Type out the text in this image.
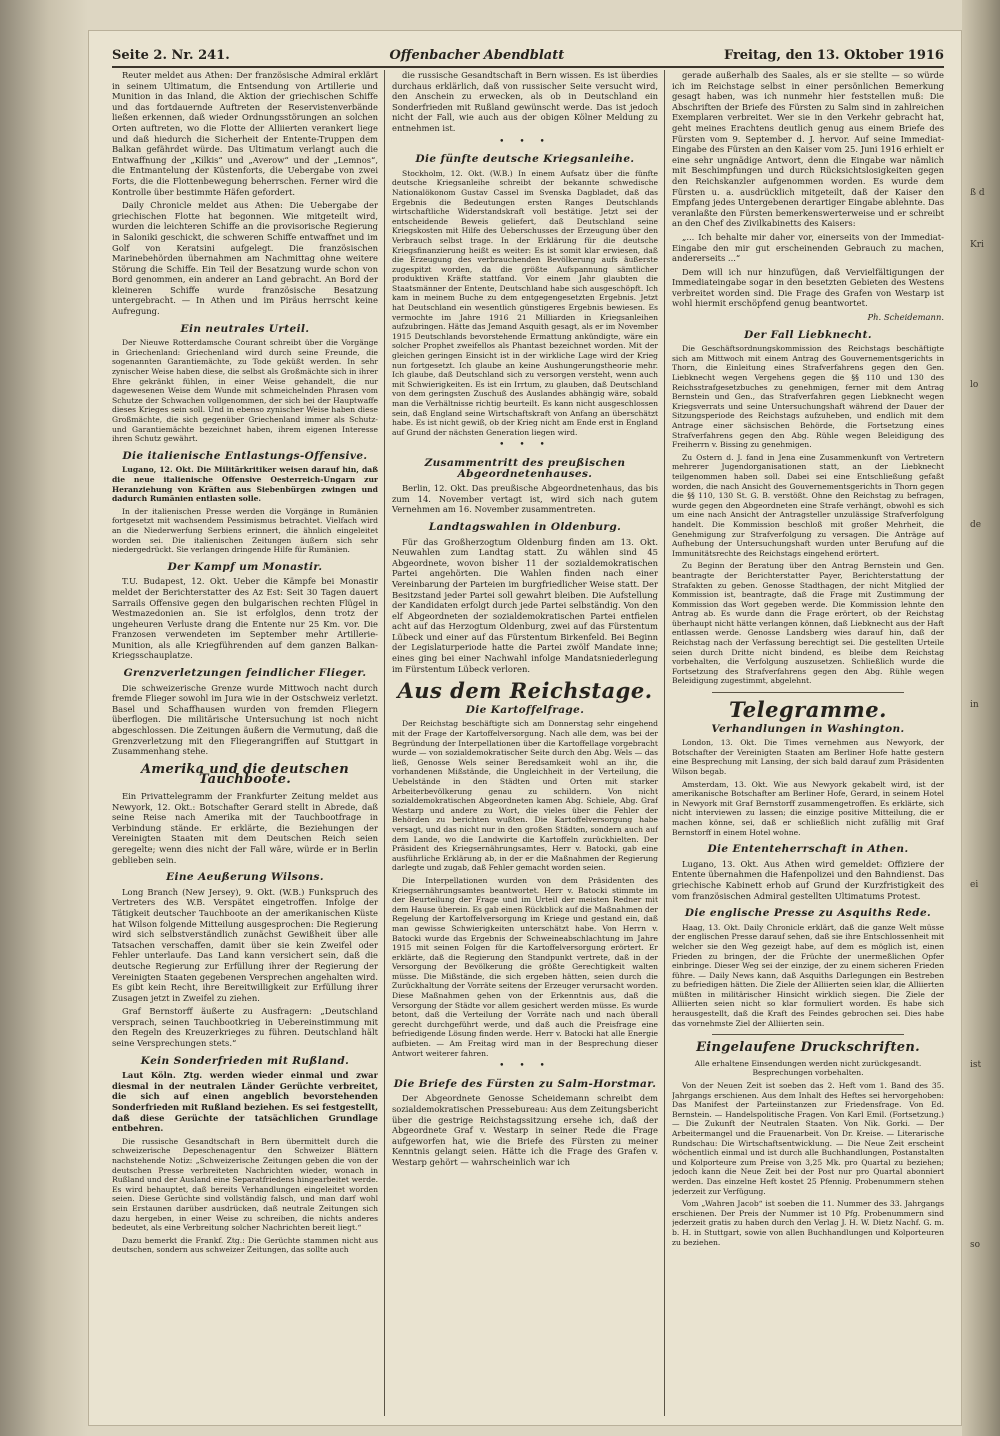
Seite 2. Nr. 241.	Offenbacher Abendblatt	Freitag, den 13. Oktober 1916

Reuter meldet aus Athen: Der französische Admiral erklärt in seinem Ultimatum, die Entsendung von Artillerie und Munition in das Inland, die Aktion der griechischen Schiffe und das fortdauernde Auftreten der Reservistenverbände ließen erkennen, daß wieder Ordnungsstörungen an solchen Orten auftreten, wo die Flotte der Alliierten verankert liege und daß hiedurch die Sicherheit der Entente-Truppen dem Balkan gefährdet würde. Das Ultimatum verlangt auch die Entwaffnung der „Kilkis“ und „Averow“ und der „Lemnos“, die Entmantelung der Küstenforts, die Uebergabe von zwei Forts, die die Flottenbewegung beherrschen. Ferner wird die Kontrolle über bestimmte Häfen gefordert.

Daily Chronicle meldet aus Athen: Die Uebergabe der griechischen Flotte hat begonnen. Wie mitgeteilt wird, wurden die leichteren Schiffe an die provisorische Regierung in Saloniki geschickt, die schweren Schiffe entwaffnet und im Golf von Keratsini aufgelegt. Die französischen Marinebehörden übernahmen am Nachmittag ohne weitere Störung die Schiffe. Ein Teil der Besatzung wurde schon von Bord genommen, ein anderer an Land gebracht. An Bord der kleineren Schiffe wurde französische Besatzung untergebracht. — In Athen und im Piräus herrscht keine Aufregung.

Ein neutrales Urteil.

Der Nieuwe Rotterdamsche Courant schreibt über die Vorgänge in Griechenland: Griechenland wird durch seine Freunde, die sogenannten Garantiemächte, zu Tode geküßt werden. In sehr zynischer Weise haben diese, die selbst als Großmächte sich in ihrer Ehre gekränkt fühlen, in einer Weise gehandelt, die nur dagewesenen Weise dem Wunde mit schmeichelnden Phrasen vom Schutze der Schwachen vollgenommen, der sich bei der Hauptwaffe dieses Krieges sein soll. Und in ebenso zynischer Weise haben diese Großmächte, die sich gegenüber Griechenland immer als Schutz- und Garantiemächte bezeichnet haben, ihrem eigenen Interesse ihren Schutz gewährt.

Die italienische Entlastungs-Offensive.

Lugano, 12. Okt. Die Militärkritiker weisen darauf hin, daß die neue italienische Offensive Oesterreich-Ungarn zur Heranziehung von Kräften aus Siebenbürgen zwingen und dadurch Rumänien entlasten solle.

In der italienischen Presse werden die Vorgänge in Rumänien fortgesetzt mit wachsendem Pessimismus betrachtet. Vielfach wird an die Niederwerfung Serbiens erinnert, die ähnlich eingeleitet worden sei. Die italienischen Zeitungen äußern sich sehr niedergedrückt. Sie verlangen dringende Hilfe für Rumänien.

Der Kampf um Monastir.

T.U. Budapest, 12. Okt. Ueber die Kämpfe bei Monastir meldet der Berichterstatter des Az Est: Seit 30 Tagen dauert Sarrails Offensive gegen den bulgarischen rechten Flügel in Westmazedonien an. Sie ist erfolglos, denn trotz der ungeheuren Verluste drang die Entente nur 25 Km. vor. Die Franzosen verwendeten im September mehr Artillerie-Munition, als alle Kriegführenden auf dem ganzen Balkan-Kriegsschauplatze.

Grenzverletzungen feindlicher Flieger.

Die schweizerische Grenze wurde Mittwoch nacht durch fremde Flieger sowohl im Jura wie in der Ostschweiz verletzt. Basel und Schaffhausen wurden von fremden Fliegern überflogen. Die militärische Untersuchung ist noch nicht abgeschlossen. Die Zeitungen äußern die Vermutung, daß die Grenzverletzung mit den Fliegerangriffen auf Stuttgart in Zusammenhang stehe.

Amerika und die deutschen Tauchboote.

Ein Privattelegramm der Frankfurter Zeitung meldet aus Newyork, 12. Okt.: Botschafter Gerard stellt in Abrede, daß seine Reise nach Amerika mit der Tauchbootfrage in Verbindung stände. Er erklärte, die Beziehungen der Vereinigten Staaten mit dem Deutschen Reich seien geregelte; wenn dies nicht der Fall wäre, würde er in Berlin geblieben sein.

Eine Aeußerung Wilsons.

Long Branch (New Jersey), 9. Okt. (W.B.) Funkspruch des Vertreters des W.B. Verspätet eingetroffen. Infolge der Tätigkeit deutscher Tauchboote an der amerikanischen Küste hat Wilson folgende Mitteilung ausgesprochen: Die Regierung wird sich selbstverständlich zunächst Gewißheit über alle Tatsachen verschaffen, damit über sie kein Zweifel oder Fehler unterlaufe. Das Land kann versichert sein, daß die deutsche Regierung zur Erfüllung ihrer der Regierung der Vereinigten Staaten gegebenen Versprechen angehalten wird. Es gibt kein Recht, ihre Bereitwilligkeit zur Erfüllung ihrer Zusagen jetzt in Zweifel zu ziehen.

Graf Bernstorff äußerte zu Ausfragern: „Deutschland versprach, seinen Tauchbootkrieg in Uebereinstimmung mit den Regeln des Kreuzerkrieges zu führen. Deutschland hält seine Versprechungen stets.“

Kein Sonderfrieden mit Rußland.

Laut Köln. Ztg. werden wieder einmal und zwar diesmal in der neutralen Länder Gerüchte verbreitet, die sich auf einen angeblich bevorstehenden Sonderfrieden mit Rußland beziehen. Es sei festgestellt, daß diese Gerüchte der tatsächlichen Grundlage entbehren.

Die russische Gesandtschaft in Bern übermittelt durch die schweizerische Depeschenagentur den Schweizer Blättern nachstehende Notiz: „Schweizerische Zeitungen geben die von der deutschen Presse verbreiteten Nachrichten wieder, wonach in Rußland und der Ausland eine Separatfriedens hingearbeitet werde. Es wird behauptet, daß bereits Verhandlungen eingeleitet worden seien. Diese Gerüchte sind vollständig falsch, und man darf wohl sein Erstaunen darüber ausdrücken, daß neutrale Zeitungen sich dazu hergeben, in einer Weise zu schreiben, die nichts anderes bedeutet, als eine Verbreitung solcher Nachrichten bereit liegt.“

Dazu bemerkt die Frankf. Ztg.: Die Gerüchte stammen nicht aus deutschen, sondern aus schweizer Zeitungen, das sollte auch

die russische Gesandtschaft in Bern wissen. Es ist überdies durchaus erklärlich, daß von russischer Seite versucht wird, den Anschein zu erwecken, als ob in Deutschland ein Sonderfrieden mit Rußland gewünscht werde. Das ist jedoch nicht der Fall, wie auch aus der obigen Kölner Meldung zu entnehmen ist.

• • •
Die fünfte deutsche Kriegsanleihe.

Stockholm, 12. Okt. (W.B.) In einem Aufsatz über die fünfte deutsche Kriegsanleihe schreibt der bekannte schwedische Nationalökonom Gustav Cassel im Svenska Dagbladet, daß das Ergebnis die Bedeutungen ersten Ranges Deutschlands wirtschaftliche Widerstandskraft voll bestätige. Jetzt sei der entscheidende Beweis geliefert, daß Deutschland seine Kriegskosten mit Hilfe des Ueberschusses der Erzeugung über den Verbrauch selbst trage. In der Erklärung für die deutsche Kriegsfinanzierung heißt es weiter: Es ist somit klar erwiesen, daß die Erzeugung des verbrauchenden Bevölkerung aufs äußerste zugespitzt worden, da die größte Aufspannung sämtlicher produktiven Kräfte stattfand. Vor einem Jahr glaubten die Staatsmänner der Entente, Deutschland habe sich ausgeschöpft. Ich kam in meinem Buche zu dem entgegengesetzten Ergebnis. Jetzt hat Deutschland ein wesentlich günstigeres Ergebnis bewiesen. Es vermochte im Jahre 1916 21 Milliarden in Kriegsanleihen aufzubringen. Hätte das Jemand Asquith gesagt, als er im November 1915 Deutschlands bevorstehende Ermattung ankündigte, wäre ein solcher Prophet zweifellos als Phantast bezeichnet worden. Mit der gleichen geringen Einsicht ist in der wirkliche Lage wird der Krieg nun fortgesetzt. Ich glaube an keine Aushungerungstheorie mehr. Ich glaube, daß Deutschland sich zu versorgen versteht, wenn auch mit Schwierigkeiten. Es ist ein Irrtum, zu glauben, daß Deutschland von dem geringsten Zuschuß des Auslandes abhängig wäre, sobald man die Verhältnisse richtig beurteilt. Es kann nicht ausgeschlossen sein, daß England seine Wirtschaftskraft von Anfang an überschätzt habe. Es ist nicht gewiß, ob der Krieg nicht am Ende erst in England auf Grund der nächsten Generation liegen wird.

• • •
Zusammentritt des preußischen Abgeordnetenhauses.

Berlin, 12. Okt. Das preußische Abgeordnetenhaus, das bis zum 14. November vertagt ist, wird sich nach gutem Vernehmen am 16. November zusammentreten.

Landtagswahlen in Oldenburg.

Für das Großherzogtum Oldenburg finden am 13. Okt. Neuwahlen zum Landtag statt. Zu wählen sind 45 Abgeordnete, wovon bisher 11 der sozialdemokratischen Partei angehörten. Die Wahlen finden nach einer Vereinbarung der Parteien im burgfriedlicher Weise statt. Der Besitzstand jeder Partei soll gewahrt bleiben. Die Aufstellung der Kandidaten erfolgt durch jede Partei selbständig. Von den elf Abgeordneten der sozialdemokratischen Partei entfielen acht auf das Herzogtum Oldenburg, zwei auf das Fürstentum Lübeck und einer auf das Fürstentum Birkenfeld. Bei Beginn der Legislaturperiode hatte die Partei zwölf Mandate inne; eines ging bei einer Nachwahl infolge Mandatsniederlegung im Fürstentum Lübeck verloren.

Aus dem Reichstage.
Die Kartoffelfrage.

Der Reichstag beschäftigte sich am Donnerstag sehr eingehend mit der Frage der Kartoffelversorgung. Nach alle dem, was bei der Begründung der Interpellationen über die Kartoffellage vorgebracht wurde — von sozialdemokratischer Seite durch den Abg. Wels — das ließ, Genosse Wels seiner Beredsamkeit wohl an ihr, die vorhandenen Mißstände, die Ungleichheit in der Verteilung, die Uebelstände in den Städten und Orten mit starker Arbeiterbevölkerung genau zu schildern. Von nicht sozialdemokratischen Abgeordneten kamen Abg. Schiele, Abg. Graf Westarp und andere zu Wort, die vieles über die Fehler der Behörden zu berichten wußten. Die Kartoffelversorgung habe versagt, und das nicht nur in den großen Städten, sondern auch auf dem Lande, wo die Landwirte die Kartoffeln zurückhielten. Der Präsident des Kriegsernährungsamtes, Herr v. Batocki, gab eine ausführliche Erklärung ab, in der er die Maßnahmen der Regierung darlegte und zugab, daß Fehler gemacht worden seien.

Die Interpellationen wurden von dem Präsidenten des Kriegsernährungsamtes beantwortet. Herr v. Batocki stimmte im der Beurteilung der Frage und im Urteil der meisten Redner mit dem Hause überein. Es gab einen Rückblick auf die Maßnahmen der Regelung der Kartoffelversorgung im Kriege und gestand ein, daß man gewisse Schwierigkeiten unterschätzt habe. Von Herrn v. Batocki wurde das Ergebnis der Schweineabschlachtung im Jahre 1915 mit seinen Folgen für die Kartoffelversorgung erörtert. Er erklärte, daß die Regierung den Standpunkt vertrete, daß in der Versorgung der Bevölkerung die größte Gerechtigkeit walten müsse. Die Mißstände, die sich ergeben hätten, seien durch die Zurückhaltung der Vorräte seitens der Erzeuger verursacht worden. Diese Maßnahmen gehen von der Erkenntnis aus, daß die Versorgung der Städte vor allem gesichert werden müsse. Es wurde betont, daß die Verteilung der Vorräte nach und nach überall gerecht durchgeführt werde, und daß auch die Preisfrage eine befriedigende Lösung finden werde. Herr v. Batocki hat alle Energie aufbieten. — Am Freitag wird man in der Besprechung dieser Antwort weiterer fahren.

• • •
Die Briefe des Fürsten zu Salm-Horstmar.

Der Abgeordnete Genosse Scheidemann schreibt dem sozialdemokratischen Pressebureau: Aus dem Zeitungsbericht über die gestrige Reichstagssitzung ersehe ich, daß der Abgeordnete Graf v. Westarp in seiner Rede die Frage aufgeworfen hat, wie die Briefe des Fürsten zu meiner Kenntnis gelangt seien. Hätte ich die Frage des Grafen v. Westarp gehört — wahrscheinlich war ich

gerade außerhalb des Saales, als er sie stellte — so würde ich im Reichstage selbst in einer persönlichen Bemerkung gesagt haben, was ich nunmehr hier feststellen muß: Die Abschriften der Briefe des Fürsten zu Salm sind in zahlreichen Exemplaren verbreitet. Wer sie in den Verkehr gebracht hat, geht meines Erachtens deutlich genug aus einem Briefe des Fürsten vom 9. September d. J. hervor. Auf seine Immediat-Eingabe des Fürsten an den Kaiser vom 25. Juni 1916 erhielt er eine sehr ungnädige Antwort, denn die Eingabe war nämlich mit Beschimpfungen und durch Rücksichtslosigkeiten gegen den Reichskanzler aufgenommen worden. Es wurde dem Fürsten u. a. ausdrücklich mitgeteilt, daß der Kaiser den Empfang jedes Untergebenen derartiger Eingabe ablehnte. Das veranlaßte den Fürsten bemerkenswerterweise und er schreibt an den Chef des Zivilkabinetts des Kaisers:

„... Ich behalte mir daher vor, einerseits von der Immediat-Eingabe den mir gut erscheinenden Gebrauch zu machen, andererseits ...“

Dem will ich nur hinzufügen, daß Vervielfältigungen der Immediateingabe sogar in den besetzten Gebieten des Westens verbreitet worden sind. Die Frage des Grafen von Westarp ist wohl hiermit erschöpfend genug beantwortet.

Ph. Scheidemann.
Der Fall Liebknecht.

Die Geschäftsordnungskommission des Reichstags beschäftigte sich am Mittwoch mit einem Antrag des Gouvernementsgerichts in Thorn, die Einleitung eines Strafverfahrens gegen den Gen. Liebknecht wegen Vergehens gegen die §§ 110 und 130 des Reichsstrafgesetzbuches zu genehmigen, ferner mit dem Antrag Bernstein und Gen., das Strafverfahren gegen Liebknecht wegen Kriegsverrats und seine Untersuchungshaft während der Dauer der Sitzungsperiode des Reichstags aufzuheben, und endlich mit dem Antrage einer sächsischen Behörde, die Fortsetzung eines Strafverfahrens gegen den Abg. Rühle wegen Beleidigung des Freiherrn v. Bissing zu genehmigen.

Zu Ostern d. J. fand in Jena eine Zusammenkunft von Vertretern mehrerer Jugendorganisationen statt, an der Liebknecht teilgenommen haben soll. Dabei sei eine Entschließung gefaßt worden, die nach Ansicht des Gouvernementsgerichts in Thorn gegen die §§ 110, 130 St. G. B. verstößt. Ohne den Reichstag zu befragen, wurde gegen den Abgeordneten eine Strafe verhängt, obwohl es sich um eine nach Ansicht der Antragsteller unzulässige Strafverfolgung handelt. Die Kommission beschloß mit großer Mehrheit, die Genehmigung zur Strafverfolgung zu versagen. Die Anträge auf Aufhebung der Untersuchungshaft wurden unter Berufung auf die Immunitätsrechte des Reichstags eingehend erörtert.

Zu Beginn der Beratung über den Antrag Bernstein und Gen. beantragte der Berichterstatter Payer, Berichterstattung der Strafakten zu geben. Genosse Stadthagen, der nicht Mitglied der Kommission ist, beantragte, daß die Frage mit Zustimmung der Kommission das Wort gegeben werde. Die Kommission lehnte den Antrag ab. Es wurde dann die Frage erörtert, ob der Reichstag überhaupt nicht hätte verlangen können, daß Liebknecht aus der Haft entlassen werde. Genosse Landsberg wies darauf hin, daß der Reichstag nach der Verfassung berechtigt sei. Die gestellten Urteile seien durch Dritte nicht bindend, es bleibe dem Reichstag vorbehalten, die Verfolgung auszusetzen. Schließlich wurde die Fortsetzung des Strafverfahrens gegen den Abg. Rühle wegen Beleidigung zugestimmt, abgelehnt.

Telegramme.
Verhandlungen in Washington.

London, 13. Okt. Die Times vernehmen aus Newyork, der Botschafter der Vereinigten Staaten am Berliner Hofe hatte gestern eine Besprechung mit Lansing, der sich bald darauf zum Präsidenten Wilson begab.

Amsterdam, 13. Okt. Wie aus Newyork gekabelt wird, ist der amerikanische Botschafter am Berliner Hofe, Gerard, in seinem Hotel in Newyork mit Graf Bernstorff zusammengetroffen. Es erklärte, sich nicht interviewen zu lassen; die einzige positive Mitteilung, die er machen könne, sei, daß er schließlich nicht zufällig mit Graf Bernstorff in einem Hotel wohne.

Die Ententeherrschaft in Athen.

Lugano, 13. Okt. Aus Athen wird gemeldet: Offiziere der Entente übernahmen die Hafenpolizei und den Bahndienst. Das griechische Kabinett erhob auf Grund der Kurzfristigkeit des vom französischen Admiral gestellten Ultimatums Protest.

Die englische Presse zu Asquiths Rede.

Haag, 13. Okt. Daily Chronicle erklärt, daß die ganze Welt müsse der englischen Presse darauf sehen, daß sie ihre Entschlossenheit mit welcher sie den Weg gezeigt habe, auf dem es möglich ist, einen Frieden zu bringen, der die Früchte der unermeßlichen Opfer einbringe. Dieser Weg sei der einzige, der zu einem sicheren Frieden führe. — Daily News kann, daß Asquiths Darlegungen ein Bestreben zu befriedigen hätten. Die Ziele der Alliierten seien klar, die Alliierten müßten in militärischer Hinsicht wirklich siegen. Die Ziele der Alliierten seien nicht so klar formuliert worden. Es habe sich herausgestellt, daß die Kraft des Feindes gebrochen sei. Dies habe das vornehmste Ziel der Alliierten sein.

Eingelaufene Druckschriften.

Alle erhaltene Einsendungen werden nicht zurückgesandt. Besprechungen vorbehalten.

Von der Neuen Zeit ist soeben das 2. Heft vom 1. Band des 35. Jahrgangs erschienen. Aus dem Inhalt des Heftes sei hervorgehoben: Das Manifest der Parteiinstanzen zur Friedensfrage. Von Ed. Bernstein. — Handelspolitische Fragen. Von Karl Emil. (Fortsetzung.) — Die Zukunft der Neutralen Staaten. Von Nik. Gorki. — Der Arbeitermangel und die Frauenarbeit. Von Dr. Kreise. — Literarische Rundschau: Die Wirtschaftsentwicklung. — Die Neue Zeit erscheint wöchentlich einmal und ist durch alle Buchhandlungen, Postanstalten und Kolporteure zum Preise von 3,25 Mk. pro Quartal zu beziehen; jedoch kann die Neue Zeit bei der Post nur pro Quartal abonniert werden. Das einzelne Heft kostet 25 Pfennig. Probenummern stehen jederzeit zur Verfügung.

Vom „Wahren Jacob“ ist soeben die 11. Nummer des 33. Jahrgangs erschienen. Der Preis der Nummer ist 10 Pfg. Probenummern sind jederzeit gratis zu haben durch den Verlag J. H. W. Dietz Nachf. G. m. b. H. in Stuttgart, sowie von allen Buchhandlungen und Kolporteuren zu beziehen.

ß d
Kri
lo
de
in
ei
ist
so
